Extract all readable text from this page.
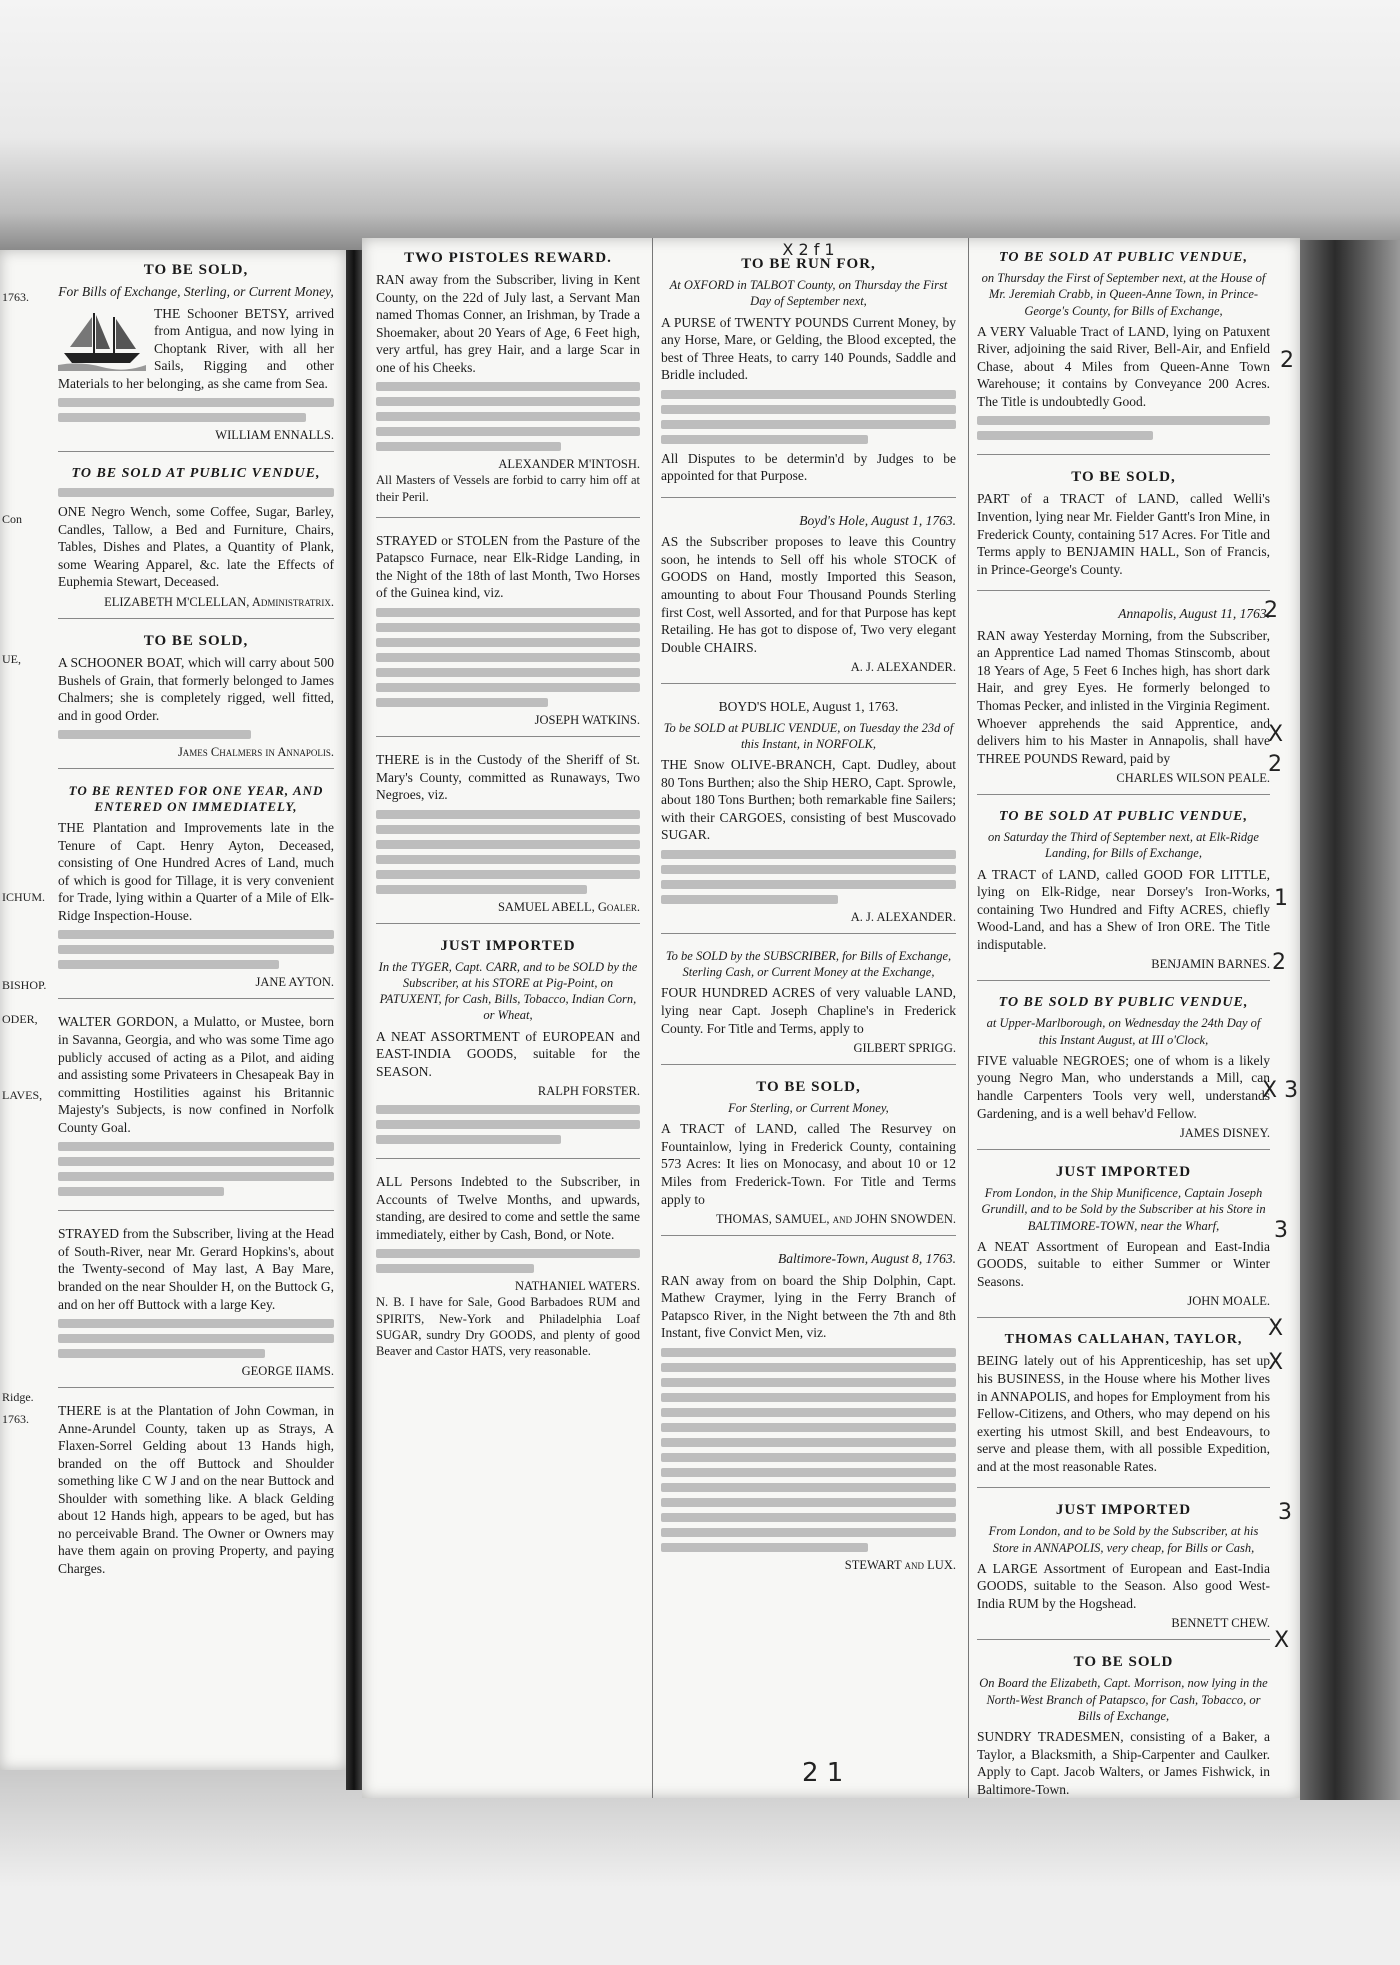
1763.
Con
UE,
ICHUM.
BISHOP.
ODER,
LAVES,
Ridge.
1763.
TO BE SOLD,

For Bills of Exchange, Sterling, or Current Money,

THE Schooner BETSY, arrived from Antigua, and now lying in Choptank River, with all her Sails, Rigging and other Materials to her belonging, as she came from Sea.

WILLIAM ENNALLS.

TO BE SOLD AT PUBLIC VENDUE,

ONE Negro Wench, some Coffee, Sugar, Barley, Candles, Tallow, a Bed and Furniture, Chairs, Tables, Dishes and Plates, a Quantity of Plank, some Wearing Apparel, &c. late the Effects of Euphemia Stewart, Deceased.

ELIZABETH M'CLELLAN, Administratrix.

TO BE SOLD,

A SCHOONER BOAT, which will carry about 500 Bushels of Grain, that formerly belonged to James Chalmers; she is completely rigged, well fitted, and in good Order.

James Chalmers in Annapolis.

TO BE RENTED FOR ONE YEAR, AND ENTERED ON IMMEDIATELY,

THE Plantation and Improvements late in the Tenure of Capt. Henry Ayton, Deceased, consisting of One Hundred Acres of Land, much of which is good for Tillage, it is very convenient for Trade, lying within a Quarter of a Mile of Elk-Ridge Inspection-House.

JANE AYTON.

WALTER GORDON, a Mulatto, or Mustee, born in Savanna, Georgia, and who was some Time ago publicly accused of acting as a Pilot, and aiding and assisting some Privateers in Chesapeak Bay in committing Hostilities against his Britannic Majesty's Subjects, is now confined in Norfolk County Goal.

STRAYED from the Subscriber, living at the Head of South-River, near Mr. Gerard Hopkins's, about the Twenty-second of May last, A Bay Mare, branded on the near Shoulder H, on the Buttock G, and on her off Buttock with a large Key.

GEORGE IIAMS.

THERE is at the Plantation of John Cowman, in Anne-Arundel County, taken up as Strays, A Flaxen-Sorrel Gelding about 13 Hands high, branded on the off Buttock and Shoulder something like C W J and on the near Buttock and Shoulder with something like. A black Gelding about 12 Hands high, appears to be aged, but has no perceivable Brand. The Owner or Owners may have them again on proving Property, and paying Charges.

TWO PISTOLES REWARD.

RAN away from the Subscriber, living in Kent County, on the 22d of July last, a Servant Man named Thomas Conner, an Irishman, by Trade a Shoemaker, about 20 Years of Age, 6 Feet high, very artful, has grey Hair, and a large Scar in one of his Cheeks.

ALEXANDER M'INTOSH.

All Masters of Vessels are forbid to carry him off at their Peril.

STRAYED or STOLEN from the Pasture of the Patapsco Furnace, near Elk-Ridge Landing, in the Night of the 18th of last Month, Two Horses of the Guinea kind, viz.

JOSEPH WATKINS.

THERE is in the Custody of the Sheriff of St. Mary's County, committed as Runaways, Two Negroes, viz.

SAMUEL ABELL, Goaler.

JUST IMPORTED

In the TYGER, Capt. CARR, and to be SOLD by the Subscriber, at his STORE at Pig-Point, on PATUXENT, for Cash, Bills, Tobacco, Indian Corn, or Wheat,

A NEAT ASSORTMENT of EUROPEAN and EAST-INDIA GOODS, suitable for the SEASON.

RALPH FORSTER.

ALL Persons Indebted to the Subscriber, in Accounts of Twelve Months, and upwards, standing, are desired to come and settle the same immediately, either by Cash, Bond, or Note.

NATHANIEL WATERS.

N. B. I have for Sale, Good Barbadoes RUM and SPIRITS, New-York and Philadelphia Loaf SUGAR, sundry Dry GOODS, and plenty of good Beaver and Castor HATS, very reasonable.

X 2 f 1
TO BE RUN FOR,

At OXFORD in TALBOT County, on Thursday the First Day of September next,

A PURSE of TWENTY POUNDS Current Money, by any Horse, Mare, or Gelding, the Blood excepted, the best of Three Heats, to carry 140 Pounds, Saddle and Bridle included.

All Disputes to be determin'd by Judges to be appointed for that Purpose.

Boyd's Hole, August 1, 1763.

AS the Subscriber proposes to leave this Country soon, he intends to Sell off his whole STOCK of GOODS on Hand, mostly Imported this Season, amounting to about Four Thousand Pounds Sterling first Cost, well Assorted, and for that Purpose has kept Retailing. He has got to dispose of, Two very elegant Double CHAIRS.

A. J. ALEXANDER.

BOYD'S HOLE, August 1, 1763.

To be SOLD at PUBLIC VENDUE, on Tuesday the 23d of this Instant, in NORFOLK,

THE Snow OLIVE-BRANCH, Capt. Dudley, about 80 Tons Burthen; also the Ship HERO, Capt. Sprowle, about 180 Tons Burthen; both remarkable fine Sailers; with their CARGOES, consisting of best Muscovado SUGAR.

A. J. ALEXANDER.

To be SOLD by the SUBSCRIBER, for Bills of Exchange, Sterling Cash, or Current Money at the Exchange,

FOUR HUNDRED ACRES of very valuable LAND, lying near Capt. Joseph Chapline's in Frederick County. For Title and Terms, apply to

GILBERT SPRIGG.

TO BE SOLD,

For Sterling, or Current Money,

A TRACT of LAND, called The Resurvey on Fountainlow, lying in Frederick County, containing 573 Acres: It lies on Monocasy, and about 10 or 12 Miles from Frederick-Town. For Title and Terms apply to

THOMAS, SAMUEL, and JOHN SNOWDEN.

Baltimore-Town, August 8, 1763.

RAN away from on board the Ship Dolphin, Capt. Mathew Craymer, lying in the Ferry Branch of Patapsco River, in the Night between the 7th and 8th Instant, five Convict Men, viz.

STEWART and LUX.

TO BE SOLD AT PUBLIC VENDUE,

on Thursday the First of September next, at the House of Mr. Jeremiah Crabb, in Queen-Anne Town, in Prince-George's County, for Bills of Exchange,

A VERY Valuable Tract of LAND, lying on Patuxent River, adjoining the said River, Bell-Air, and Enfield Chase, about 4 Miles from Queen-Anne Town Warehouse; it contains by Conveyance 200 Acres. The Title is undoubtedly Good.

TO BE SOLD,

PART of a TRACT of LAND, called Welli's Invention, lying near Mr. Fielder Gantt's Iron Mine, in Frederick County, containing 517 Acres. For Title and Terms apply to BENJAMIN HALL, Son of Francis, in Prince-George's County.

Annapolis, August 11, 1763.

RAN away Yesterday Morning, from the Subscriber, an Apprentice Lad named Thomas Stinscomb, about 18 Years of Age, 5 Feet 6 Inches high, has short dark Hair, and grey Eyes. He formerly belonged to Thomas Pecker, and inlisted in the Virginia Regiment. Whoever apprehends the said Apprentice, and delivers him to his Master in Annapolis, shall have THREE POUNDS Reward, paid by

CHARLES WILSON PEALE.

TO BE SOLD AT PUBLIC VENDUE,

on Saturday the Third of September next, at Elk-Ridge Landing, for Bills of Exchange,

A TRACT of LAND, called GOOD FOR LITTLE, lying on Elk-Ridge, near Dorsey's Iron-Works, containing Two Hundred and Fifty ACRES, chiefly Wood-Land, and has a Shew of Iron ORE. The Title indisputable.

BENJAMIN BARNES.

TO BE SOLD BY PUBLIC VENDUE,

at Upper-Marlborough, on Wednesday the 24th Day of this Instant August, at III o'Clock,

FIVE valuable NEGROES; one of whom is a likely young Negro Man, who understands a Mill, can handle Carpenters Tools very well, understands Gardening, and is a well behav'd Fellow.

JAMES DISNEY.

JUST IMPORTED

From London, in the Ship Munificence, Captain Joseph Grundill, and to be Sold by the Subscriber at his Store in BALTIMORE-TOWN, near the Wharf,

A NEAT Assortment of European and East-India GOODS, suitable to either Summer or Winter Seasons.

JOHN MOALE.

THOMAS CALLAHAN, TAYLOR,

BEING lately out of his Apprenticeship, has set up his BUSINESS, in the House where his Mother lives in ANNAPOLIS, and hopes for Employment from his Fellow-Citizens, and Others, who may depend on his exerting his utmost Skill, and best Endeavours, to serve and please them, with all possible Expedition, and at the most reasonable Rates.

JUST IMPORTED

From London, and to be Sold by the Subscriber, at his Store in ANNAPOLIS, very cheap, for Bills or Cash,

A LARGE Assortment of European and East-India GOODS, suitable to the Season. Also good West-India RUM by the Hogshead.

BENNETT CHEW.

TO BE SOLD

On Board the Elizabeth, Capt. Morrison, now lying in the North-West Branch of Patapsco, for Cash, Tobacco, or Bills of Exchange,

SUNDRY TRADESMEN, consisting of a Baker, a Taylor, a Blacksmith, a Ship-Carpenter and Caulker. Apply to Capt. Jacob Walters, or James Fishwick, in Baltimore-Town.

2
2
X
2
1
2
X 3
3
X
X
3
X
2 1
